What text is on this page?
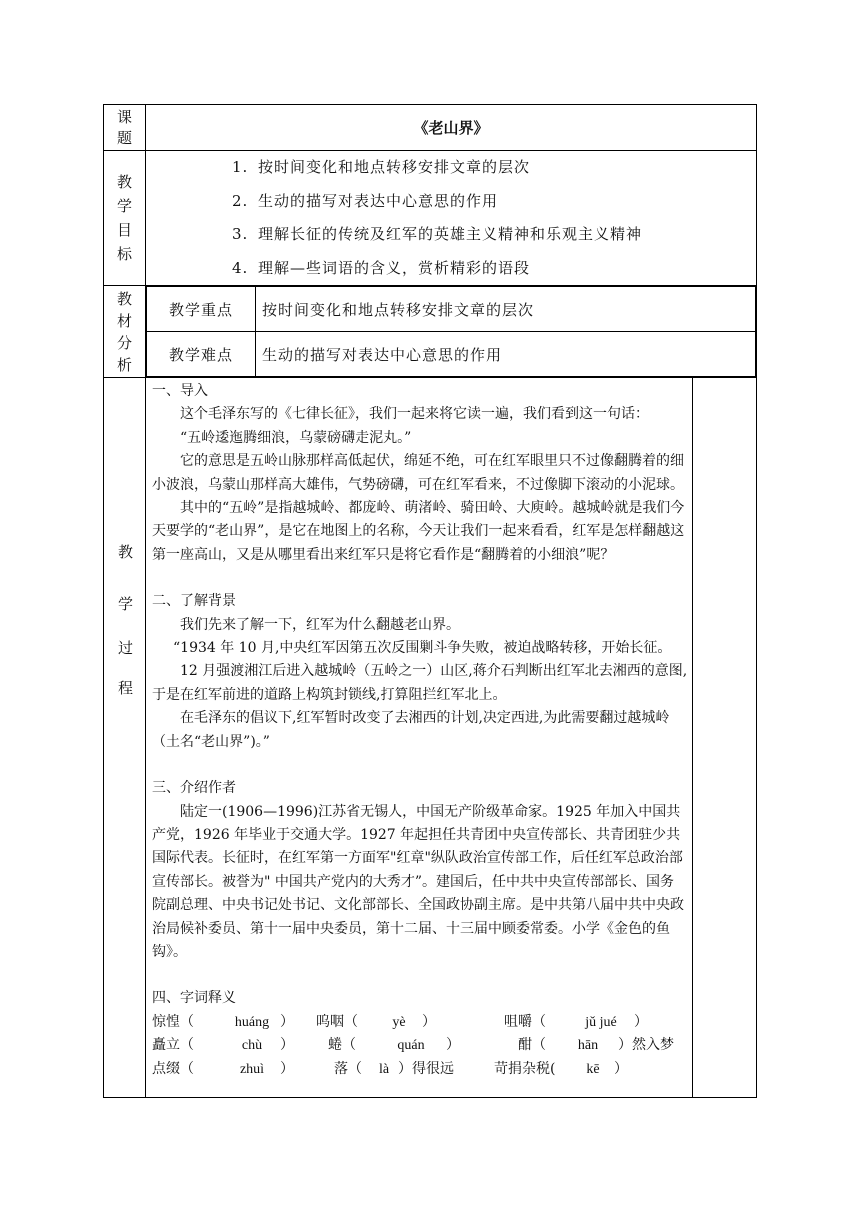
课
题
	《老山界》

教
学
目
标

1. 按时间变化和地点转移安排文章的层次
2. 生动的描写对表达中心意思的作用
3. 理解长征的传统及红军的英雄主义精神和乐观主义精神
4. 理解—些词语的含义，赏析精彩的语段

教
材
分
析

教学重点	按时间变化和地点转移安排文章的层次
教学难点	生动的描写对表达中心意思的作用

教
学
过
程

一、导入

这个毛泽东写的《七律长征》，我们一起来将它读一遍，我们看到这一句话：

“五岭逶迤腾细浪，乌蒙磅礴走泥丸。”

它的意思是五岭山脉那样高低起伏，绵延不绝，可在红军眼里只不过像翻腾着的细小波浪，乌蒙山那样高大雄伟，气势磅礴，可在红军看来，不过像脚下滚动的小泥球。

其中的“五岭”是指越城岭、都庞岭、萌渚岭、骑田岭、大庾岭。越城岭就是我们今天要学的“老山界”，是它在地图上的名称，今天让我们一起来看看，红军是怎样翻越这第一座高山，又是从哪里看出来红军只是将它看作是“翻腾着的小细浪”呢？

二、了解背景

我们先来了解一下，红军为什么翻越老山界。

“1934 年 10 月,中央红军因第五次反围剿斗争失败，被迫战略转移，开始长征。

12 月强渡湘江后进入越城岭（五岭之一）山区,蒋介石判断出红军北去湘西的意图,于是在红军前进的道路上构筑封锁线,打算阻拦红军北上。

在毛泽东的倡议下,红军暂时改变了去湘西的计划,决定西进,为此需要翻过越城岭（土名“老山界”)。”

三、介绍作者

陆定一(1906—1996)江苏省无锡人，中国无产阶级革命家。1925 年加入中国共产党，1926 年毕业于交通大学。1927 年起担任共青团中央宣传部长、共青团驻少共国际代表。长征时，在红军第一方面军"红章"纵队政治宣传部工作，后任红军总政治部宣传部长。被誉为" 中国共产党内的大秀才”。建国后，任中共中央宣传部部长、国务院副总理、中央书记处书记、文化部部长、全国政协副主席。是中共第八届中共中央政治局候补委员、第十一届中央委员，第十二届、十三届中顾委常委。小学《金色的鱼钩》。

四、字词释义

惊惶（	huáng ）	呜咽（	yè	）	咀嚼（	jǔ jué	）
矗立（	chù	）	蜷（	quán	）	酣（	hān	）然入梦
点缀（	zhuì	）	落（	là ）得很远	苛捐杂税(	kē	）
